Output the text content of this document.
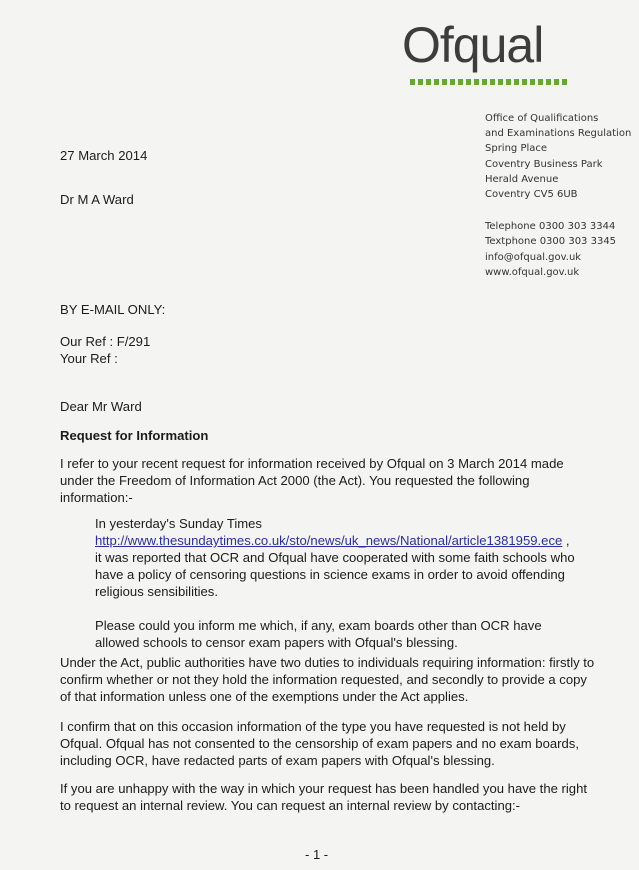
Ofqual
Office of Qualifications
and Examinations Regulation
Spring Place
Coventry Business Park
Herald Avenue
Coventry CV5 6UB
Telephone 0300 303 3344
Textphone 0300 303 3345
info@ofqual.gov.uk
www.ofqual.gov.uk
27 March 2014
Dr M A Ward
BY E-MAIL ONLY:
Our Ref : F/291
Your Ref :
Dear Mr Ward
Request for Information
I refer to your recent request for information received by Ofqual on 3 March 2014 made under the Freedom of Information Act 2000 (the Act). You requested the following information:-

In yesterday's Sunday Times
http://www.thesundaytimes.co.uk/sto/news/uk_news/National/article1381959.ece , it was reported that OCR and Ofqual have cooperated with some faith schools who have a policy of censoring questions in science exams in order to avoid offending religious sensibilities.

Please could you inform me which, if any, exam boards other than OCR have allowed schools to censor exam papers with Ofqual's blessing.

Under the Act, public authorities have two duties to individuals requiring information: firstly to confirm whether or not they hold the information requested, and secondly to provide a copy of that information unless one of the exemptions under the Act applies.
I confirm that on this occasion information of the type you have requested is not held by Ofqual. Ofqual has not consented to the censorship of exam papers and no exam boards, including OCR, have redacted parts of exam papers with Ofqual's blessing.
If you are unhappy with the way in which your request has been handled you have the right to request an internal review. You can request an internal review by contacting:-
- 1 -
